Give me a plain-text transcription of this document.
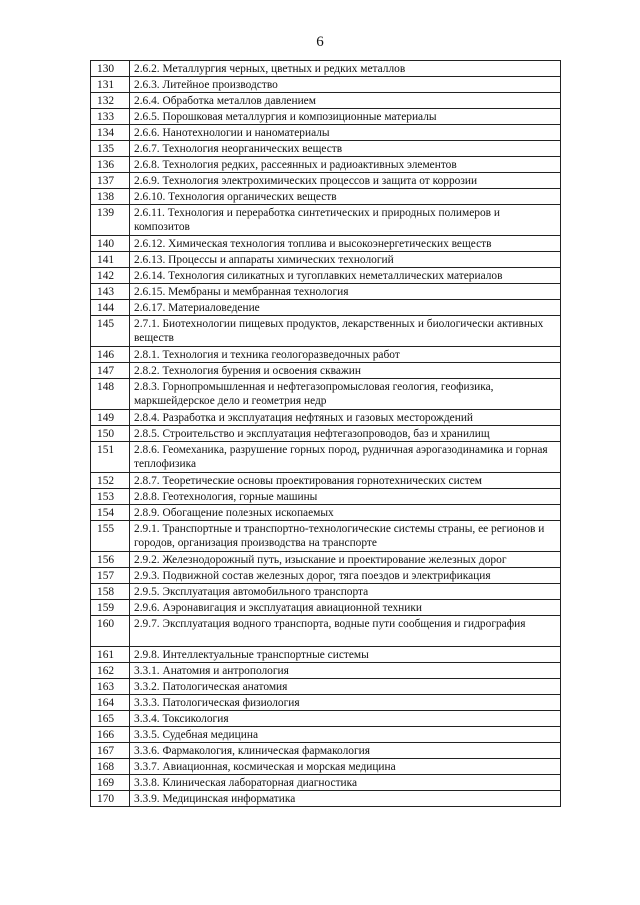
6
130	2.6.2. Металлургия черных, цветных и редких металлов
131	2.6.3. Литейное производство
132	2.6.4. Обработка металлов давлением
133	2.6.5. Порошковая металлургия и композиционные материалы
134	2.6.6. Нанотехнологии и наноматериалы
135	2.6.7. Технология неорганических веществ
136	2.6.8. Технология редких, рассеянных и радиоактивных элементов
137	2.6.9. Технология электрохимических процессов и защита от коррозии
138	2.6.10. Технология органических веществ
139	2.6.11. Технология и переработка синтетических и природных полимеров и композитов
140	2.6.12. Химическая технология топлива и высокоэнергетических веществ
141	2.6.13. Процессы и аппараты химических технологий
142	2.6.14. Технология силикатных и тугоплавких неметаллических материалов
143	2.6.15. Мембраны и мембранная технология
144	2.6.17. Материаловедение
145	2.7.1. Биотехнологии пищевых продуктов, лекарственных и биологически активных веществ
146	2.8.1. Технология и техника геологоразведочных работ
147	2.8.2. Технология бурения и освоения скважин
148	2.8.3. Горнопромышленная и нефтегазопромысловая геология, геофизика, маркшейдерское дело и геометрия недр
149	2.8.4. Разработка и эксплуатация нефтяных и газовых месторождений
150	2.8.5. Строительство и эксплуатация нефтегазопроводов, баз и хранилищ
151	2.8.6. Геомеханика, разрушение горных пород, рудничная аэрогазодинамика и горная теплофизика
152	2.8.7. Теоретические основы проектирования горнотехнических систем
153	2.8.8. Геотехнология, горные машины
154	2.8.9. Обогащение полезных ископаемых
155	2.9.1. Транспортные и транспортно-технологические системы страны, ее регионов и городов, организация производства на транспорте
156	2.9.2. Железнодорожный путь, изыскание и проектирование железных дорог
157	2.9.3. Подвижной состав железных дорог, тяга поездов и электрификация
158	2.9.5. Эксплуатация автомобильного транспорта
159	2.9.6. Аэронавигация и эксплуатация авиационной техники
160	2.9.7. Эксплуатация водного транспорта, водные пути сообщения и гидрография
161	2.9.8. Интеллектуальные транспортные системы
162	3.3.1. Анатомия и антропология
163	3.3.2. Патологическая анатомия
164	3.3.3. Патологическая физиология
165	3.3.4. Токсикология
166	3.3.5. Судебная медицина
167	3.3.6. Фармакология, клиническая фармакология
168	3.3.7. Авиационная, космическая и морская медицина
169	3.3.8. Клиническая лабораторная диагностика
170	3.3.9. Медицинская информатика
